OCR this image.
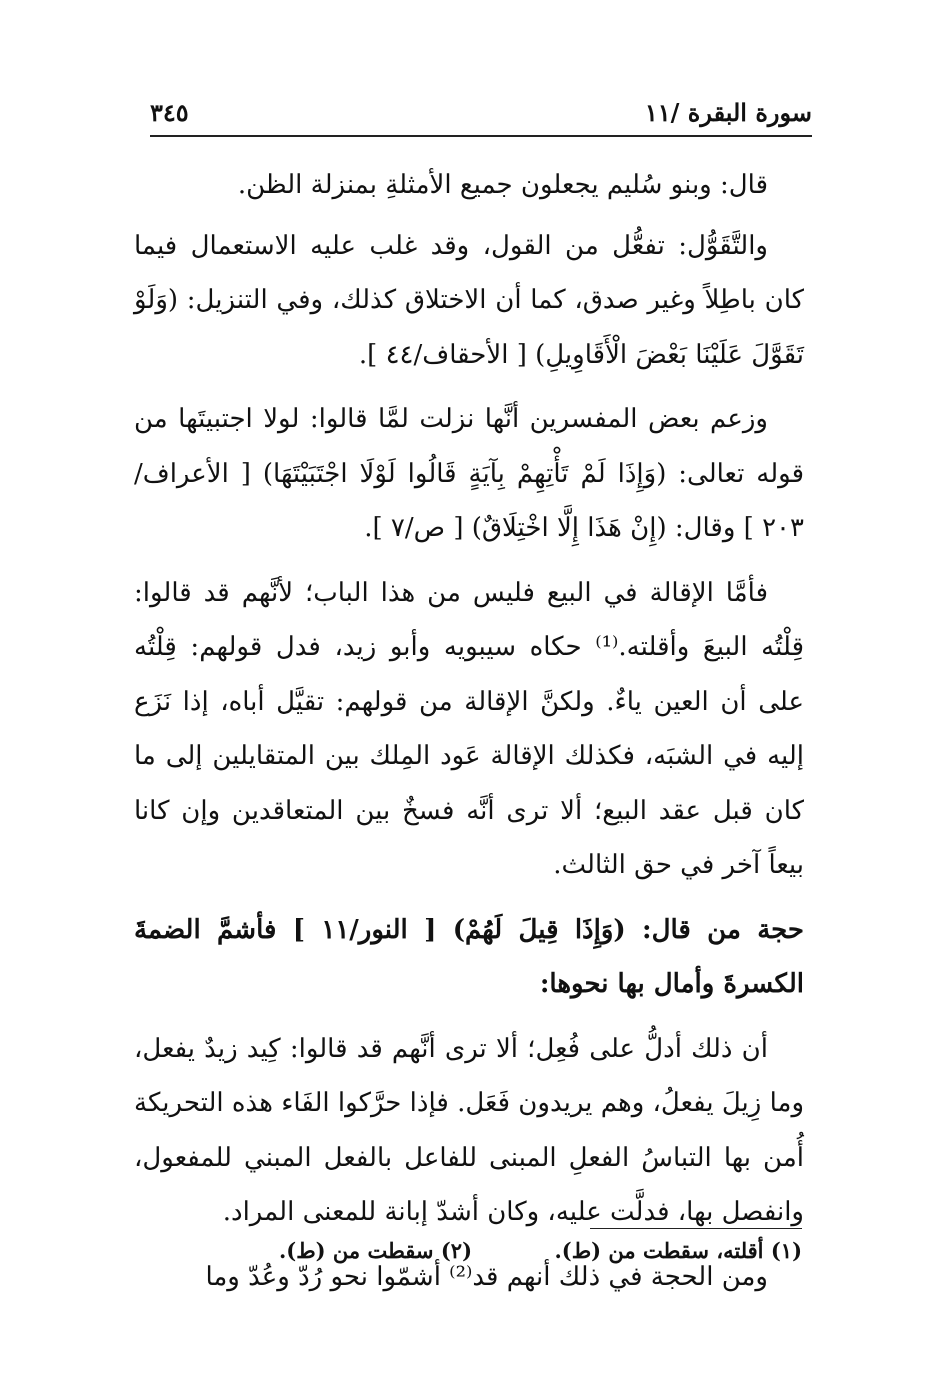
سورة البقرة /١١
٣٤٥

قال: وبنو سُليم يجعلون جميع الأمثلةِ بمنزلة الظن.

والتَّقَوُّل: تفعُّل من القول، وقد غلب عليه الاستعمال فيما كان باطِلاً وغير صدق، كما أن الاختلاق كذلك، وفي التنزيل: (وَلَوْ تَقَوَّلَ عَلَيْنَا بَعْضَ الْأَقَاوِيلِ) [ الأحقاف/٤٤ ].

وزعم بعض المفسرين أنَّها نزلت لمَّا قالوا: لولا اجتبيتَها من قوله تعالى: (وَإِذَا لَمْ تَأْتِهِمْ بِآيَةٍ قَالُوا لَوْلَا اجْتَبَيْتَهَا) [ الأعراف/٢٠٣ ] وقال: (إِنْ هَذَا إِلَّا اخْتِلَاقٌ) [ ص/٧ ].

فأمَّا الإقالة في البيع فليس من هذا الباب؛ لأنَّهم قد قالوا: قِلْتُه البيعَ وأقلته.⁽¹⁾ حكاه سيبويه وأبو زيد، فدل قولهم: قِلْتُه على أن العين ياءٌ. ولكنَّ الإقالة من قولهم: تقيَّل أباه، إذا نَزَع إليه في الشبَه، فكذلك الإقالة عَود المِلك بين المتقايلين إلى ما كان قبل عقد البيع؛ ألا ترى أنَّه فسخٌ بين المتعاقدين وإن كانا بيعاً آخر في حق الثالث.

حجة من قال: (وَإِذَا قِيلَ لَهُمْ) [ النور/١١ ] فأشمَّ الضمةَ الكسرةَ وأمال بها نحوها:

أن ذلك أدلُّ على فُعِل؛ ألا ترى أنَّهم قد قالوا: كِيد زيدٌ يفعل، وما زِيلَ يفعلُ، وهم يريدون فَعَل. فإذا حرَّكوا الفَاء هذه التحريكة أُمن بها التباسُ الفعلِ المبنى للفاعل بالفعل المبني للمفعول، وانفصل بها، فدلَّت عليه، وكان أشدّ إبانة للمعنى المراد.

ومن الحجة في ذلك أنهم قد⁽²⁾ أشمّوا نحو رُدّ وعُدّ وما

(١) أقلته، سقطت من (ط).
(٢) سقطت من (ط).
